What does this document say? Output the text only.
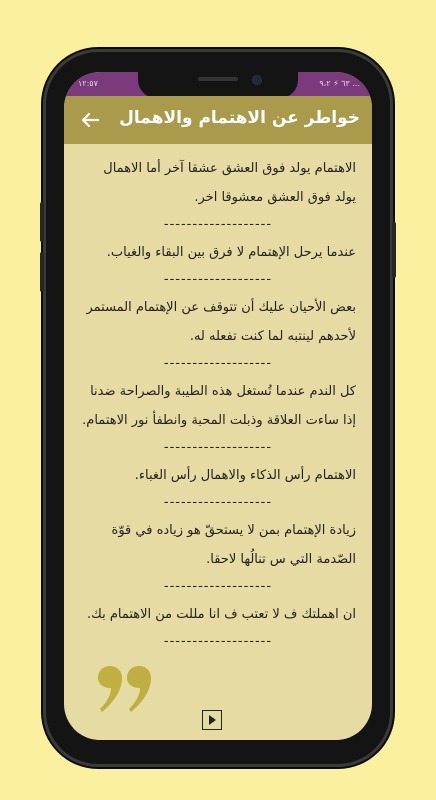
١٢:٥٧	٦٣ ⚡ ٩،٢ ...
خواطر عن الاهتمام والاهمال
الاهتمام يولد فوق العشق عشقا آخر أما الاهمال يولد فوق العشق معشوقا اخر.
-------------------
عندما يرحل الإهتمام لا فرق بين البقاء والغياب.
-------------------
بعض الأحيان عليك أن تتوقف عن الإهتمام المستمر لأحدهم لينتبه لما كنت تفعله له.
-------------------
كل الندم عندما تُستغل هذه الطيبة والصراحة ضدنا إذا ساءت العلاقة وذبلت المحبة وانطفأ نور الاهتمام.
-------------------
الاهتمام رأس الذكاء والاهمال رأس الغباء.
-------------------
زيادة الإهتمام بمن لا يستحقّ هو زياده في قوّة الصّدمة التي س تنالُها لاحقا.
-------------------
ان اهملتك ف لا تعتب ف انا مللت من الاهتمام بك.
-------------------
